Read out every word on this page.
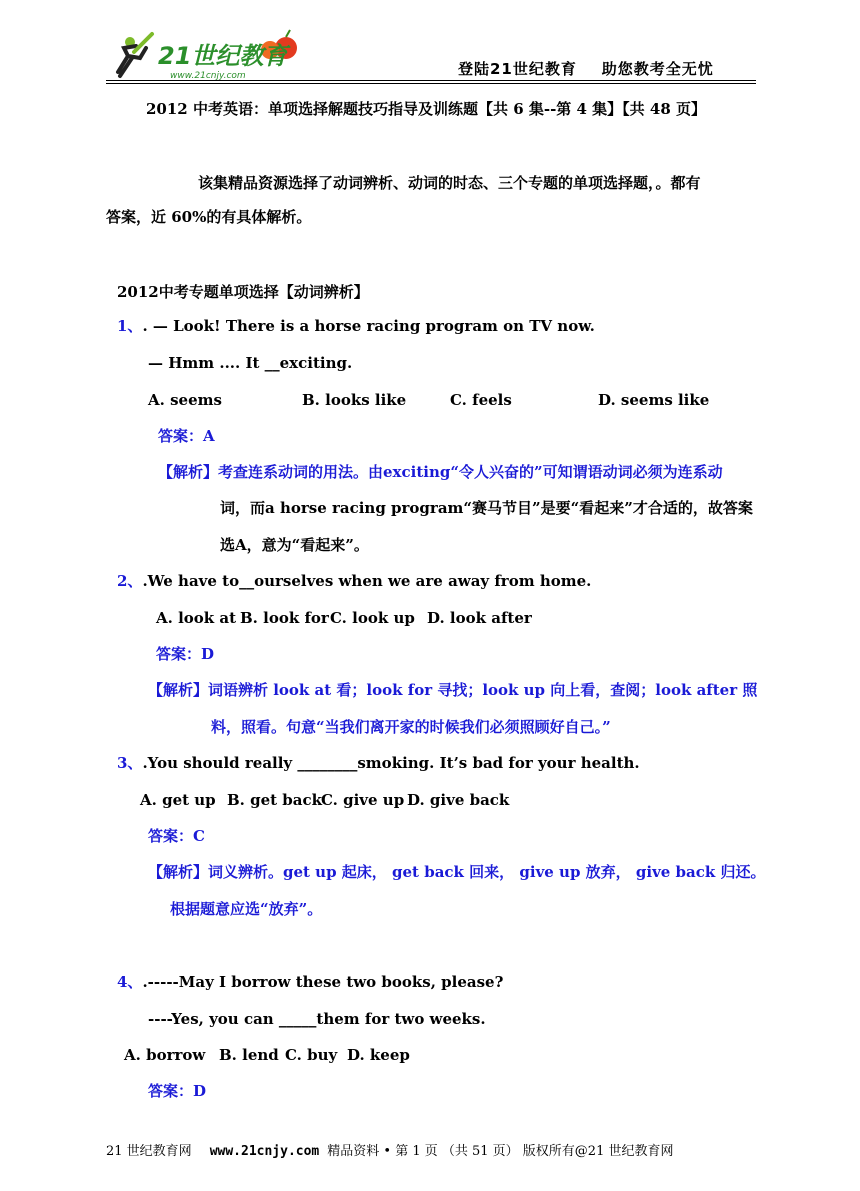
21世纪教育
www.21cnjy.com	登陆21世纪教育    助您教考全无忧
2012 中考英语：单项选择解题技巧指导及训练题【共 6 集--第 4 集】【共 48 页】
该集精品资源选择了动词辨析、动词的时态、三个专题的单项选择题，。都有
答案，近 60%的有具体解析。
2012中考专题单项选择【动词辨析】
1、. — Look! There is a horse racing program on TV now.
— Hmm .... It __exciting.
A. seems	B. looks like	C. feels	D. seems like
答案：A
【解析】考查连系动词的用法。由exciting“令人兴奋的”可知谓语动词必须为连系动
词，而a horse racing program“赛马节目”是要“看起来”才合适的，故答案
选A，意为“看起来”。
2、.We have to__ourselves when we are away from home.
A. look at B. look for C. look up D. look after
答案：D
【解析】词语辨析 look at 看；look for 寻找；look up 向上看，查阅；look after 照
料，照看。句意“当我们离开家的时候我们必须照顾好自己。”
3、.You should really ________smoking. It’s bad for your health.
A. get up B. get back
C. give up D. give back
答案：C
【解析】词义辨析。get up 起床， get back 回来， give up 放弃， give back 归还。
根据题意应选“放弃”。
4、.-----May I borrow these two books, please?
----Yes, you can _____them for two weeks.
A. borrow B. lend C. buy D. keep
答案：D
21 世纪教育网 www.21cnjy.com 精品资料 • 第 1 页 （共 51 页） 版权所有@21 世纪教育网
